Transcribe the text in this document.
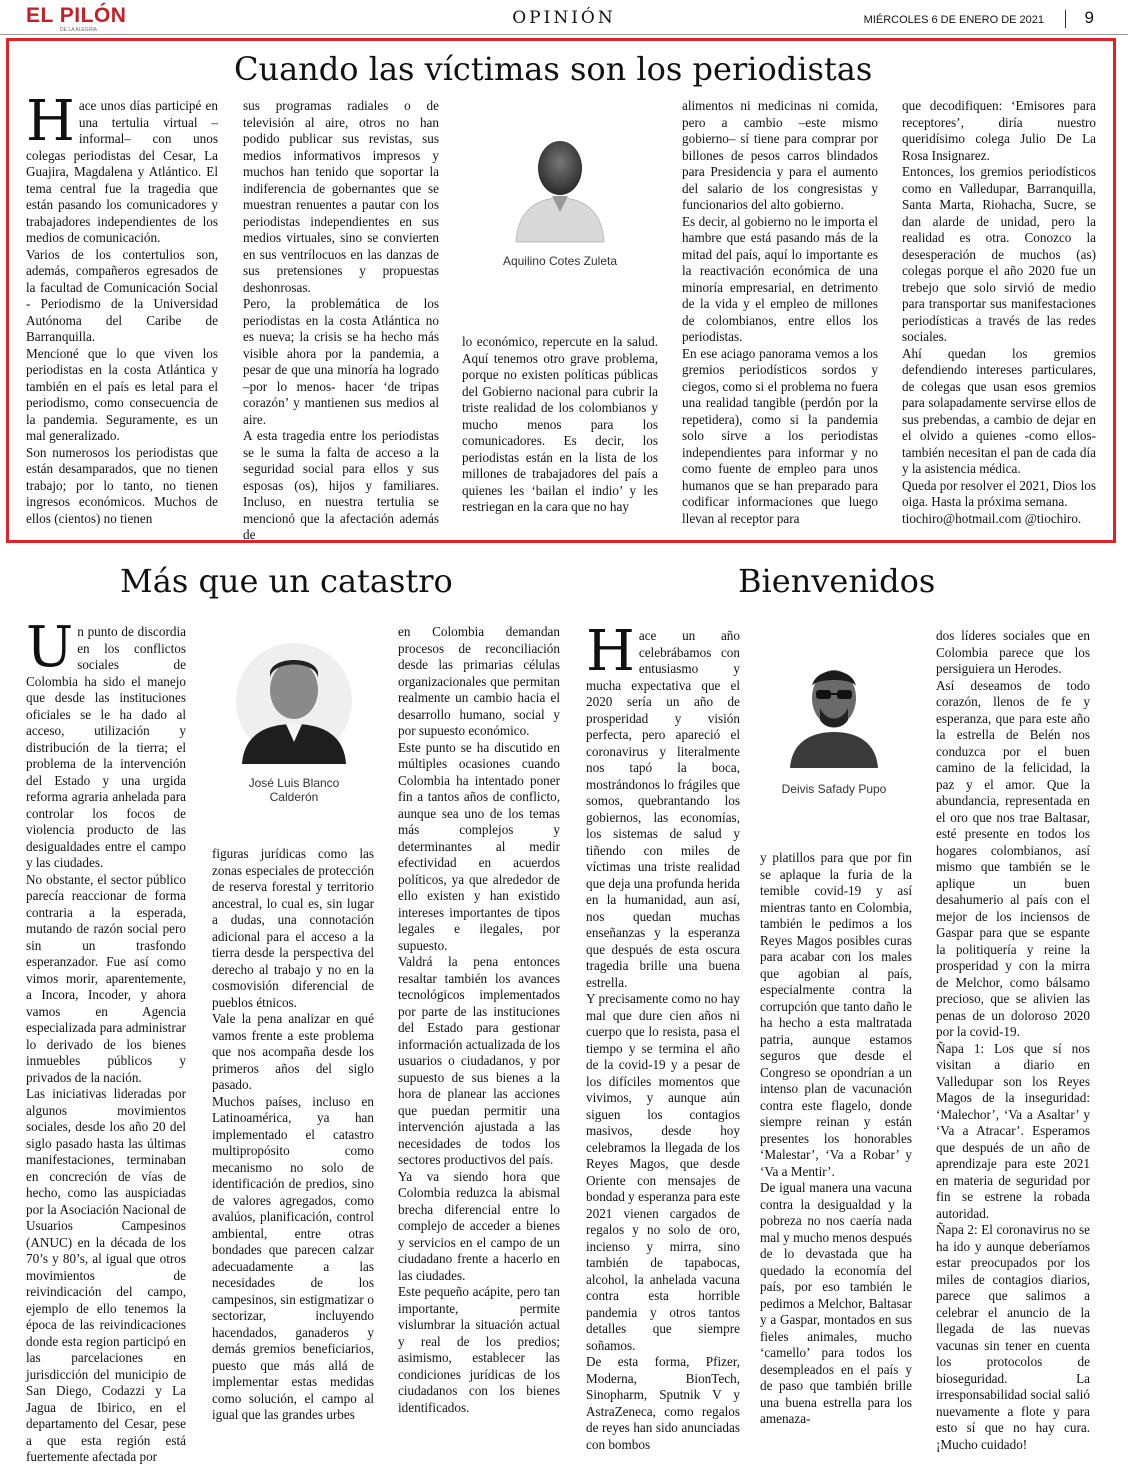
EL PILÓN
DE LA ALEGRÍA
OPINIÓN	MIÉRCOLES 6 DE ENERO DE 2021 9
Cuando las víctimas son los periodistas
H ace unos días participé en una tertulia virtual –informal– con unos colegas periodistas del Cesar, La Guajira, Magdalena y Atlántico. El tema central fue la tragedia que están pasando los comunicadores y trabajadores independientes de los medios de comunicación.
Varios de los contertulios son, además, compañeros egresados de la facultad de Comunicación Social - Periodismo de la Universidad Autónoma del Caribe de Barranquilla.
Mencioné que lo que viven los periodistas en la costa Atlántica y también en el país es letal para el periodismo, como consecuencia de la pandemia. Seguramente, es un mal generalizado.
Son numerosos los periodistas que están desamparados, que no tienen trabajo; por lo tanto, no tienen ingresos económicos. Muchos de ellos (cientos) no tienen
sus programas radiales o de televisión al aire, otros no han podido publicar sus revistas, sus medios informativos impresos y muchos han tenido que soportar la indiferencia de gobernantes que se muestran renuentes a pautar con los periodistas independientes en sus medios virtuales, sino se convierten en sus ventrílocuos en las danzas de sus pretensiones y propuestas deshonrosas.
Pero, la problemática de los periodistas en la costa Atlántica no es nueva; la crisis se ha hecho más visible ahora por la pandemia, a pesar de que una minoría ha logrado –por lo menos- hacer ‘de tripas corazón’ y mantienen sus medios al aire.
A esta tragedia entre los periodistas se le suma la falta de acceso a la seguridad social para ellos y sus esposas (os), hijos y familiares. Incluso, en nuestra tertulia se mencionó que la afectación además de
Aquilino Cotes Zuleta
lo económico, repercute en la salud. Aquí tenemos otro grave problema, porque no existen políticas públicas del Gobierno nacional para cubrir la triste realidad de los colombianos y mucho menos para los comunicadores. Es decir, los periodistas están en la lista de los millones de trabajadores del país a quienes les ‘bailan el indio’ y les restriegan en la cara que no hay
alimentos ni medicinas ni comida, pero a cambio –este mismo gobierno– sí tiene para comprar por billones de pesos carros blindados para Presidencia y para el aumento del salario de los congresistas y funcionarios del alto gobierno.
Es decir, al gobierno no le importa el hambre que está pasando más de la mitad del país, aquí lo importante es la reactivación económica de una minoría empresarial, en detrimento de la vida y el empleo de millones de colombianos, entre ellos los periodistas.
En ese aciago panorama vemos a los gremios periodísticos sordos y ciegos, como si el problema no fuera una realidad tangible (perdón por la repetidera), como si la pandemia solo sirve a los periodistas independientes para informar y no como fuente de empleo para unos humanos que se han preparado para codificar informaciones que luego llevan al receptor para
que decodifiquen: ‘Emisores para receptores’, diría nuestro queridísimo colega Julio De La Rosa Insignarez.
Entonces, los gremios periodísticos como en Valledupar, Barranquilla, Santa Marta, Riohacha, Sucre, se dan alarde de unidad, pero la realidad es otra. Conozco la desesperación de muchos (as) colegas porque el año 2020 fue un trebejo que solo sirvió de medio para transportar sus manifestaciones periodísticas a través de las redes sociales.
Ahí quedan los gremios defendiendo intereses particulares, de colegas que usan esos gremios para solapadamente servirse ellos de sus prebendas, a cambio de dejar en el olvido a quienes -como ellos- también necesitan el pan de cada día y la asistencia médica.
Queda por resolver el 2021, Dios los oiga. Hasta la próxima semana.
tiochiro@hotmail.com @tiochiro.
Más que un catastro
U n punto de discordia en los conflictos sociales de Colombia ha sido el manejo que desde las instituciones oficiales se le ha dado al acceso, utilización y distribución de la tierra; el problema de la intervención del Estado y una urgida reforma agraria anhelada para controlar los focos de violencia producto de las desigualdades entre el campo y las ciudades.
No obstante, el sector público parecía reaccionar de forma contraria a la esperada, mutando de razón social pero sin un trasfondo esperanzador. Fue así como vimos morir, aparentemente, a Incora, Incoder, y ahora vamos en Agencia especializada para administrar lo derivado de los bienes inmuebles públicos y privados de la nación.
Las iniciativas lideradas por algunos movimientos sociales, desde los año 20 del siglo pasado hasta las últimas manifestaciones, terminaban en concreción de vías de hecho, como las auspiciadas por la Asociación Nacional de Usuarios Campesinos (ANUC) en la década de los 70’s y 80’s, al igual que otros movimientos de reivindicación del campo, ejemplo de ello tenemos la época de las reivindicaciones donde esta region participó en las parcelaciones en jurisdicción del municipio de San Diego, Codazzi y La Jagua de Ibirico, en el departamento del Cesar, pese a que esta región está fuertemente afectada por
José Luis Blanco
Calderón
figuras jurídicas como las zonas especiales de protección de reserva forestal y territorio ancestral, lo cual es, sin lugar a dudas, una connotación adicional para el acceso a la tierra desde la perspectiva del derecho al trabajo y no en la cosmovisión diferencial de pueblos étnicos.
Vale la pena analizar en qué vamos frente a este problema que nos acompaña desde los primeros años del siglo pasado.
Muchos países, incluso en Latinoamérica, ya han implementado el catastro multipropósito como mecanismo no solo de identificación de predios, sino de valores agregados, como avalúos, planificación, control ambiental, entre otras bondades que parecen calzar adecuadamente a las necesidades de los campesinos, sin estigmatizar o sectorizar, incluyendo hacendados, ganaderos y demás gremios beneficiarios, puesto que más allá de implementar estas medidas como solución, el campo al igual que las grandes urbes
en Colombia demandan procesos de reconciliación desde las primarias células organizacionales que permitan realmente un cambio hacia el desarrollo humano, social y por supuesto económico.
Este punto se ha discutido en múltiples ocasiones cuando Colombia ha intentado poner fin a tantos años de conflicto, aunque sea uno de los temas más complejos y determinantes al medir efectividad en acuerdos políticos, ya que alrededor de ello existen y han existido intereses importantes de tipos legales e ilegales, por supuesto.
Valdrá la pena entonces resaltar también los avances tecnológicos implementados por parte de las instituciones del Estado para gestionar información actualizada de los usuarios o ciudadanos, y por supuesto de sus bienes a la hora de planear las acciones que puedan permitir una intervención ajustada a las necesidades de todos los sectores productivos del país.
Ya va siendo hora que Colombia reduzca la abismal brecha diferencial entre lo complejo de acceder a bienes y servicios en el campo de un ciudadano frente a hacerlo en las ciudades.
Este pequeño acápite, pero tan importante, permite vislumbrar la situación actual y real de los predios; asimismo, establecer las condiciones jurídicas de los ciudadanos con los bienes identificados.
Bienvenidos
H ace un año celebrábamos con entusiasmo y mucha expectativa que el 2020 sería un año de prosperidad y visión perfecta, pero apareció el coronavirus y literalmente nos tapó la boca, mostrándonos lo frágiles que somos, quebrantando los gobiernos, las economías, los sistemas de salud y tiñendo con miles de víctimas una triste realidad que deja una profunda herida en la humanidad, aun así, nos quedan muchas enseñanzas y la esperanza que después de esta oscura tragedia brille una buena estrella.
Y precisamente como no hay mal que dure cien años ni cuerpo que lo resista, pasa el tiempo y se termina el año de la covid-19 y a pesar de los difíciles momentos que vivimos, y aunque aún siguen los contagios masivos, desde hoy celebramos la llegada de los Reyes Magos, que desde Oriente con mensajes de bondad y esperanza para este 2021 vienen cargados de regalos y no solo de oro, incienso y mirra, sino también de tapabocas, alcohol, la anhelada vacuna contra esta horrible pandemia y otros tantos detalles que siempre soñamos.
De esta forma, Pfizer, Moderna, BionTech, Sinopharm, Sputnik V y AstraZeneca, como regalos de reyes han sido anunciadas con bombos
Deivis Safady Pupo
y platillos para que por fin se aplaque la furia de la temible covid-19 y así mientras tanto en Colombia, también le pedimos a los Reyes Magos posibles curas para acabar con los males que agobian al país, especialmente contra la corrupción que tanto daño le ha hecho a esta maltratada patria, aunque estamos seguros que desde el Congreso se opondrían a un intenso plan de vacunación contra este flagelo, donde siempre reinan y están presentes los honorables ‘Malestar’, ‘Va a Robar’ y ‘Va a Mentir’.
De igual manera una vacuna contra la desigualdad y la pobreza no nos caería nada mal y mucho menos después de lo devastada que ha quedado la economía del país, por eso también le pedimos a Melchor, Baltasar y a Gaspar, montados en sus fieles animales, mucho ‘camello’ para todos los desempleados en el país y de paso que también brille una buena estrella para los amenaza-
dos líderes sociales que en Colombia parece que los persiguiera un Herodes.
Así deseamos de todo corazón, llenos de fe y esperanza, que para este año la estrella de Belén nos conduzca por el buen camino de la felicidad, la paz y el amor. Que la abundancia, representada en el oro que nos trae Baltasar, esté presente en todos los hogares colombianos, así mismo que también se le aplique un buen desahumerio al país con el mejor de los inciensos de Gaspar para que se espante la politiquería y reine la prosperidad y con la mirra de Melchor, como bálsamo precioso, que se alivien las penas de un doloroso 2020 por la covid-19.
Ñapa 1: Los que sí nos visitan a diario en Valledupar son los Reyes Magos de la inseguridad: ‘Malechor’, ‘Va a Asaltar’ y ‘Va a Atracar’. Esperamos que después de un año de aprendizaje para este 2021 en materia de seguridad por fin se estrene la robada autoridad.
Ñapa 2: El coronavirus no se ha ido y aunque deberíamos estar preocupados por los miles de contagios diarios, parece que salimos a celebrar el anuncio de la llegada de las nuevas vacunas sin tener en cuenta los protocolos de bioseguridad. La irresponsabilidad social salió nuevamente a flote y para esto sí que no hay cura. ¡Mucho cuidado!
